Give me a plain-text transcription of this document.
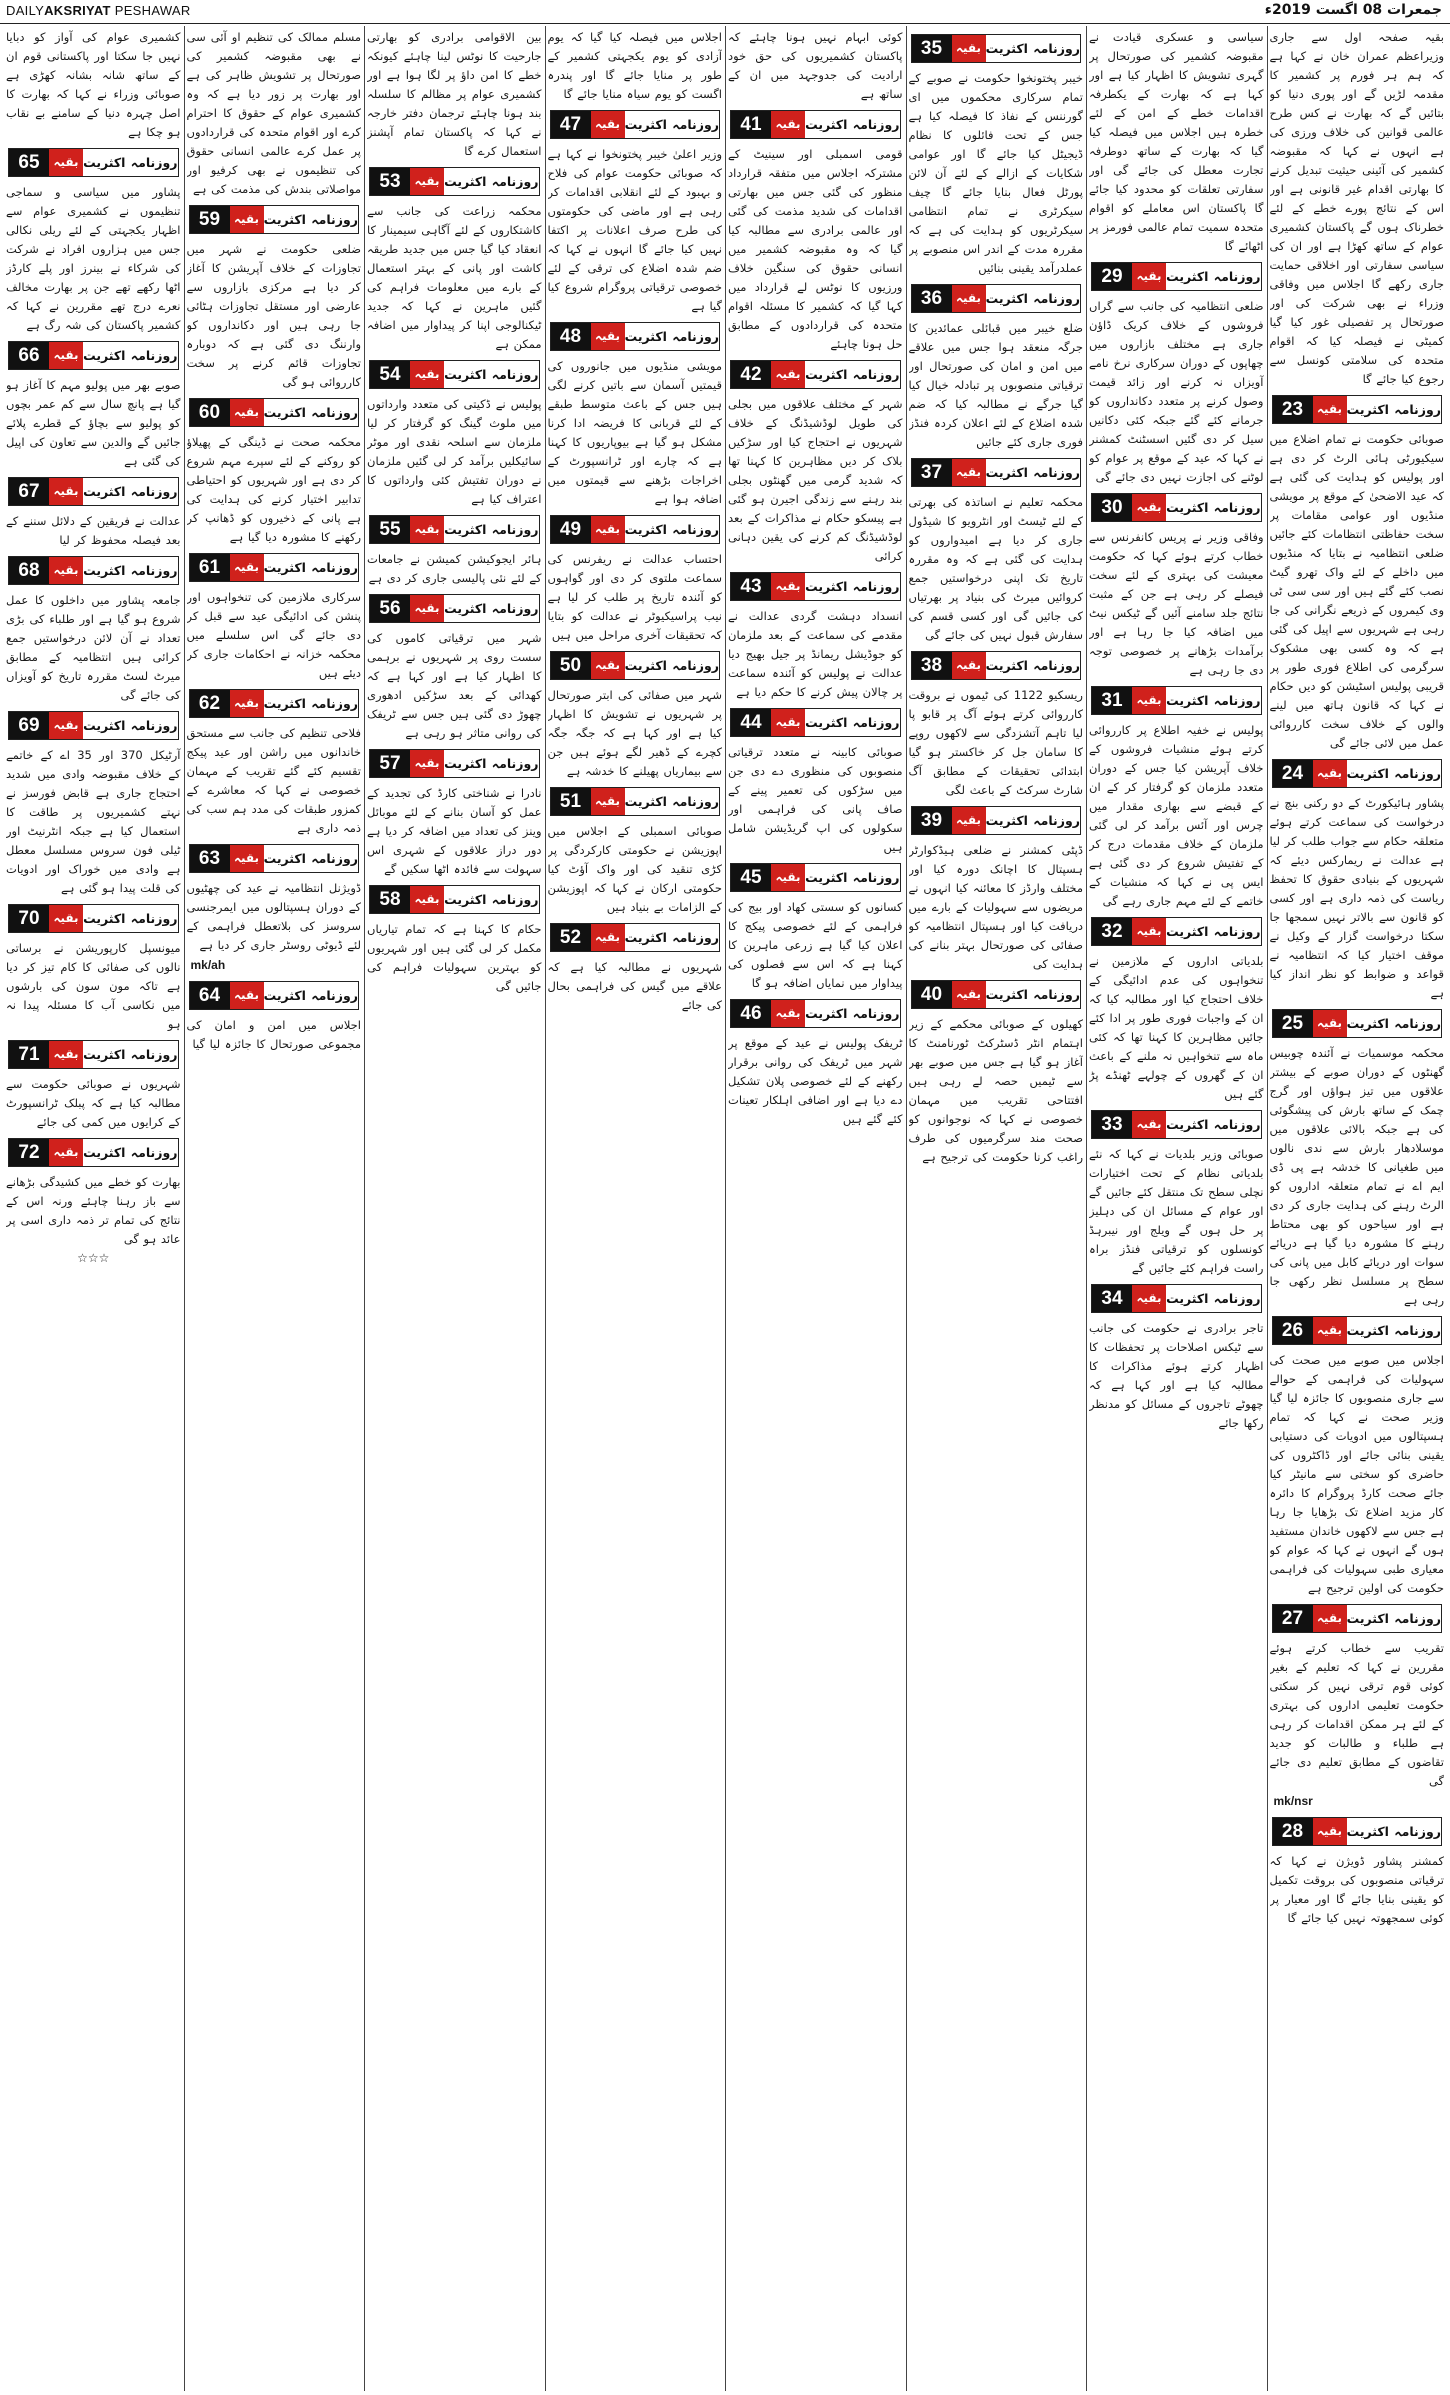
DAILYAKSRIYAT PESHAWAR	جمعرات 08 اگست 2019ء

بقیہ صفحہ اول سے جاری وزیراعظم عمران خان نے کہا ہے کہ ہم ہر فورم پر کشمیر کا مقدمہ لڑیں گے اور پوری دنیا کو بتائیں گے کہ بھارت نے کس طرح عالمی قوانین کی خلاف ورزی کی ہے انہوں نے کہا کہ مقبوضہ کشمیر کی آئینی حیثیت تبدیل کرنے کا بھارتی اقدام غیر قانونی ہے اور اس کے نتائج پورے خطے کے لئے خطرناک ہوں گے پاکستان کشمیری عوام کے ساتھ کھڑا ہے اور ان کی سیاسی سفارتی اور اخلاقی حمایت جاری رکھے گا اجلاس میں وفاقی وزراء نے بھی شرکت کی اور صورتحال پر تفصیلی غور کیا گیا کمیٹی نے فیصلہ کیا کہ اقوام متحدہ کی سلامتی کونسل سے رجوع کیا جائے گا

23	بقیہ روزنامہ اکثریت

صوبائی حکومت نے تمام اضلاع میں سیکیورٹی ہائی الرٹ کر دی ہے اور پولیس کو ہدایت کی گئی ہے کہ عید الاضحیٰ کے موقع پر مویشی منڈیوں اور عوامی مقامات پر سخت حفاظتی انتظامات کئے جائیں ضلعی انتظامیہ نے بتایا کہ منڈیوں میں داخلے کے لئے واک تھرو گیٹ نصب کئے گئے ہیں اور سی سی ٹی وی کیمروں کے ذریعے نگرانی کی جا رہی ہے شہریوں سے اپیل کی گئی ہے کہ وہ کسی بھی مشکوک سرگرمی کی اطلاع فوری طور پر قریبی پولیس اسٹیشن کو دیں حکام نے کہا کہ قانون ہاتھ میں لینے والوں کے خلاف سخت کارروائی عمل میں لائی جائے گی

24	بقیہ روزنامہ اکثریت

پشاور ہائیکورٹ کے دو رکنی بنچ نے درخواست کی سماعت کرتے ہوئے متعلقہ حکام سے جواب طلب کر لیا ہے عدالت نے ریمارکس دیئے کہ شہریوں کے بنیادی حقوق کا تحفظ ریاست کی ذمہ داری ہے اور کسی کو قانون سے بالاتر نہیں سمجھا جا سکتا درخواست گزار کے وکیل نے موقف اختیار کیا کہ انتظامیہ نے قواعد و ضوابط کو نظر انداز کیا ہے

25	بقیہ روزنامہ اکثریت

محکمہ موسمیات نے آئندہ چوبیس گھنٹوں کے دوران صوبے کے بیشتر علاقوں میں تیز ہواؤں اور گرج چمک کے ساتھ بارش کی پیشگوئی کی ہے جبکہ بالائی علاقوں میں موسلادھار بارش سے ندی نالوں میں طغیانی کا خدشہ ہے پی ڈی ایم اے نے تمام متعلقہ اداروں کو الرٹ رہنے کی ہدایت جاری کر دی ہے اور سیاحوں کو بھی محتاط رہنے کا مشورہ دیا گیا ہے دریائے سوات اور دریائے کابل میں پانی کی سطح پر مسلسل نظر رکھی جا رہی ہے

26	بقیہ روزنامہ اکثریت

اجلاس میں صوبے میں صحت کی سہولیات کی فراہمی کے حوالے سے جاری منصوبوں کا جائزہ لیا گیا وزیر صحت نے کہا کہ تمام ہسپتالوں میں ادویات کی دستیابی یقینی بنائی جائے اور ڈاکٹروں کی حاضری کو سختی سے مانیٹر کیا جائے صحت کارڈ پروگرام کا دائرہ کار مزید اضلاع تک بڑھایا جا رہا ہے جس سے لاکھوں خاندان مستفید ہوں گے انہوں نے کہا کہ عوام کو معیاری طبی سہولیات کی فراہمی حکومت کی اولین ترجیح ہے

27	بقیہ روزنامہ اکثریت

تقریب سے خطاب کرتے ہوئے مقررین نے کہا کہ تعلیم کے بغیر کوئی قوم ترقی نہیں کر سکتی حکومت تعلیمی اداروں کی بہتری کے لئے ہر ممکن اقدامات کر رہی ہے طلباء و طالبات کو جدید تقاضوں کے مطابق تعلیم دی جائے گی

mk/nsr
28	بقیہ روزنامہ اکثریت

کمشنر پشاور ڈویژن نے کہا کہ ترقیاتی منصوبوں کی بروقت تکمیل کو یقینی بنایا جائے گا اور معیار پر کوئی سمجھوتہ نہیں کیا جائے گا

سیاسی و عسکری قیادت نے مقبوضہ کشمیر کی صورتحال پر گہری تشویش کا اظہار کیا ہے اور کہا ہے کہ بھارت کے یکطرفہ اقدامات خطے کے امن کے لئے خطرہ ہیں اجلاس میں فیصلہ کیا گیا کہ بھارت کے ساتھ دوطرفہ تجارت معطل کی جائے گی اور سفارتی تعلقات کو محدود کیا جائے گا پاکستان اس معاملے کو اقوام متحدہ سمیت تمام عالمی فورمز پر اٹھائے گا

29	بقیہ روزنامہ اکثریت

ضلعی انتظامیہ کی جانب سے گراں فروشوں کے خلاف کریک ڈاؤن جاری ہے مختلف بازاروں میں چھاپوں کے دوران سرکاری نرخ نامے آویزاں نہ کرنے اور زائد قیمت وصول کرنے پر متعدد دکانداروں کو جرمانے کئے گئے جبکہ کئی دکانیں سیل کر دی گئیں اسسٹنٹ کمشنر نے کہا کہ عید کے موقع پر عوام کو لوٹنے کی اجازت نہیں دی جائے گی

30	بقیہ روزنامہ اکثریت

وفاقی وزیر نے پریس کانفرنس سے خطاب کرتے ہوئے کہا کہ حکومت معیشت کی بہتری کے لئے سخت فیصلے کر رہی ہے جن کے مثبت نتائج جلد سامنے آئیں گے ٹیکس نیٹ میں اضافہ کیا جا رہا ہے اور برآمدات بڑھانے پر خصوصی توجہ دی جا رہی ہے

31	بقیہ روزنامہ اکثریت

پولیس نے خفیہ اطلاع پر کارروائی کرتے ہوئے منشیات فروشوں کے خلاف آپریشن کیا جس کے دوران متعدد ملزمان کو گرفتار کر کے ان کے قبضے سے بھاری مقدار میں چرس اور آئس برآمد کر لی گئی ملزمان کے خلاف مقدمات درج کر کے تفتیش شروع کر دی گئی ہے ایس پی نے کہا کہ منشیات کے خاتمے کے لئے مہم جاری رہے گی

32	بقیہ روزنامہ اکثریت

بلدیاتی اداروں کے ملازمین نے تنخواہوں کی عدم ادائیگی کے خلاف احتجاج کیا اور مطالبہ کیا کہ ان کے واجبات فوری طور پر ادا کئے جائیں مظاہرین کا کہنا تھا کہ کئی ماہ سے تنخواہیں نہ ملنے کے باعث ان کے گھروں کے چولہے ٹھنڈے پڑ گئے ہیں

33	بقیہ روزنامہ اکثریت

صوبائی وزیر بلدیات نے کہا کہ نئے بلدیاتی نظام کے تحت اختیارات نچلی سطح تک منتقل کئے جائیں گے اور عوام کے مسائل ان کی دہلیز پر حل ہوں گے ویلج اور نیبرہڈ کونسلوں کو ترقیاتی فنڈز براہ راست فراہم کئے جائیں گے

34	بقیہ روزنامہ اکثریت

تاجر برادری نے حکومت کی جانب سے ٹیکس اصلاحات پر تحفظات کا اظہار کرتے ہوئے مذاکرات کا مطالبہ کیا ہے اور کہا ہے کہ چھوٹے تاجروں کے مسائل کو مدنظر رکھا جائے

35	بقیہ روزنامہ اکثریت

خیبر پختونخوا حکومت نے صوبے کے تمام سرکاری محکموں میں ای گورننس کے نفاذ کا فیصلہ کیا ہے جس کے تحت فائلوں کا نظام ڈیجیٹل کیا جائے گا اور عوامی شکایات کے ازالے کے لئے آن لائن پورٹل فعال بنایا جائے گا چیف سیکرٹری نے تمام انتظامی سیکرٹریوں کو ہدایت کی ہے کہ مقررہ مدت کے اندر اس منصوبے پر عملدرآمد یقینی بنائیں

36	بقیہ روزنامہ اکثریت

ضلع خیبر میں قبائلی عمائدین کا جرگہ منعقد ہوا جس میں علاقے میں امن و امان کی صورتحال اور ترقیاتی منصوبوں پر تبادلہ خیال کیا گیا جرگے نے مطالبہ کیا کہ ضم شدہ اضلاع کے لئے اعلان کردہ فنڈز فوری جاری کئے جائیں

37	بقیہ روزنامہ اکثریت

محکمہ تعلیم نے اساتذہ کی بھرتی کے لئے ٹیسٹ اور انٹرویو کا شیڈول جاری کر دیا ہے امیدواروں کو ہدایت کی گئی ہے کہ وہ مقررہ تاریخ تک اپنی درخواستیں جمع کروائیں میرٹ کی بنیاد پر بھرتیاں کی جائیں گی اور کسی قسم کی سفارش قبول نہیں کی جائے گی

38	بقیہ روزنامہ اکثریت

ریسکیو 1122 کی ٹیموں نے بروقت کارروائی کرتے ہوئے آگ پر قابو پا لیا تاہم آتشزدگی سے لاکھوں روپے کا سامان جل کر خاکستر ہو گیا ابتدائی تحقیقات کے مطابق آگ شارٹ سرکٹ کے باعث لگی

39	بقیہ روزنامہ اکثریت

ڈپٹی کمشنر نے ضلعی ہیڈکوارٹر ہسپتال کا اچانک دورہ کیا اور مختلف وارڈز کا معائنہ کیا انہوں نے مریضوں سے سہولیات کے بارے میں دریافت کیا اور ہسپتال انتظامیہ کو صفائی کی صورتحال بہتر بنانے کی ہدایت کی

40	بقیہ روزنامہ اکثریت

کھیلوں کے صوبائی محکمے کے زیر اہتمام انٹر ڈسٹرکٹ ٹورنامنٹ کا آغاز ہو گیا ہے جس میں صوبے بھر سے ٹیمیں حصہ لے رہی ہیں افتتاحی تقریب میں مہمان خصوصی نے کہا کہ نوجوانوں کو صحت مند سرگرمیوں کی طرف راغب کرنا حکومت کی ترجیح ہے

کوئی ابہام نہیں ہونا چاہئے کہ پاکستان کشمیریوں کی حق خود ارادیت کی جدوجہد میں ان کے ساتھ ہے

41	بقیہ روزنامہ اکثریت

قومی اسمبلی اور سینیٹ کے مشترکہ اجلاس میں متفقہ قرارداد منظور کی گئی جس میں بھارتی اقدامات کی شدید مذمت کی گئی اور عالمی برادری سے مطالبہ کیا گیا کہ وہ مقبوضہ کشمیر میں انسانی حقوق کی سنگین خلاف ورزیوں کا نوٹس لے قرارداد میں کہا گیا کہ کشمیر کا مسئلہ اقوام متحدہ کی قراردادوں کے مطابق حل ہونا چاہئے

42	بقیہ روزنامہ اکثریت

شہر کے مختلف علاقوں میں بجلی کی طویل لوڈشیڈنگ کے خلاف شہریوں نے احتجاج کیا اور سڑکیں بلاک کر دیں مظاہرین کا کہنا تھا کہ شدید گرمی میں گھنٹوں بجلی بند رہنے سے زندگی اجیرن ہو گئی ہے پیسکو حکام نے مذاکرات کے بعد لوڈشیڈنگ کم کرنے کی یقین دہانی کرائی

43	بقیہ روزنامہ اکثریت

انسداد دہشت گردی عدالت نے مقدمے کی سماعت کے بعد ملزمان کو جوڈیشل ریمانڈ پر جیل بھیج دیا عدالت نے پولیس کو آئندہ سماعت پر چالان پیش کرنے کا حکم دیا ہے

44	بقیہ روزنامہ اکثریت

صوبائی کابینہ نے متعدد ترقیاتی منصوبوں کی منظوری دے دی جن میں سڑکوں کی تعمیر پینے کے صاف پانی کی فراہمی اور سکولوں کی اپ گریڈیشن شامل ہیں

45	بقیہ روزنامہ اکثریت

کسانوں کو سستی کھاد اور بیج کی فراہمی کے لئے خصوصی پیکج کا اعلان کیا گیا ہے زرعی ماہرین کا کہنا ہے کہ اس سے فصلوں کی پیداوار میں نمایاں اضافہ ہو گا

46	بقیہ روزنامہ اکثریت

ٹریفک پولیس نے عید کے موقع پر شہر میں ٹریفک کی روانی برقرار رکھنے کے لئے خصوصی پلان تشکیل دے دیا ہے اور اضافی اہلکار تعینات کئے گئے ہیں

اجلاس میں فیصلہ کیا گیا کہ یوم آزادی کو یوم یکجہتی کشمیر کے طور پر منایا جائے گا اور پندرہ اگست کو یوم سیاہ منایا جائے گا

47	بقیہ روزنامہ اکثریت

وزیر اعلیٰ خیبر پختونخوا نے کہا ہے کہ صوبائی حکومت عوام کی فلاح و بہبود کے لئے انقلابی اقدامات کر رہی ہے اور ماضی کی حکومتوں کی طرح صرف اعلانات پر اکتفا نہیں کیا جائے گا انہوں نے کہا کہ ضم شدہ اضلاع کی ترقی کے لئے خصوصی ترقیاتی پروگرام شروع کیا گیا ہے

48	بقیہ روزنامہ اکثریت

مویشی منڈیوں میں جانوروں کی قیمتیں آسمان سے باتیں کرنے لگی ہیں جس کے باعث متوسط طبقے کے لئے قربانی کا فریضہ ادا کرنا مشکل ہو گیا ہے بیوپاریوں کا کہنا ہے کہ چارے اور ٹرانسپورٹ کے اخراجات بڑھنے سے قیمتوں میں اضافہ ہوا ہے

49	بقیہ روزنامہ اکثریت

احتساب عدالت نے ریفرنس کی سماعت ملتوی کر دی اور گواہوں کو آئندہ تاریخ پر طلب کر لیا ہے نیب پراسیکیوٹر نے عدالت کو بتایا کہ تحقیقات آخری مراحل میں ہیں

50	بقیہ روزنامہ اکثریت

شہر میں صفائی کی ابتر صورتحال پر شہریوں نے تشویش کا اظہار کیا ہے اور کہا ہے کہ جگہ جگہ کچرے کے ڈھیر لگے ہوئے ہیں جن سے بیماریاں پھیلنے کا خدشہ ہے

51	بقیہ روزنامہ اکثریت

صوبائی اسمبلی کے اجلاس میں اپوزیشن نے حکومتی کارکردگی پر کڑی تنقید کی اور واک آؤٹ کیا حکومتی ارکان نے کہا کہ اپوزیشن کے الزامات بے بنیاد ہیں

52	بقیہ روزنامہ اکثریت

شہریوں نے مطالبہ کیا ہے کہ علاقے میں گیس کی فراہمی بحال کی جائے

بین الاقوامی برادری کو بھارتی جارحیت کا نوٹس لینا چاہئے کیونکہ خطے کا امن داؤ پر لگا ہوا ہے اور کشمیری عوام پر مظالم کا سلسلہ بند ہونا چاہئے ترجمان دفتر خارجہ نے کہا کہ پاکستان تمام آپشنز استعمال کرے گا

53	بقیہ روزنامہ اکثریت

محکمہ زراعت کی جانب سے کاشتکاروں کے لئے آگاہی سیمینار کا انعقاد کیا گیا جس میں جدید طریقہ کاشت اور پانی کے بہتر استعمال کے بارے میں معلومات فراہم کی گئیں ماہرین نے کہا کہ جدید ٹیکنالوجی اپنا کر پیداوار میں اضافہ ممکن ہے

54	بقیہ روزنامہ اکثریت

پولیس نے ڈکیتی کی متعدد وارداتوں میں ملوث گینگ کو گرفتار کر لیا ملزمان سے اسلحہ نقدی اور موٹر سائیکلیں برآمد کر لی گئیں ملزمان نے دوران تفتیش کئی وارداتوں کا اعتراف کیا ہے

55	بقیہ روزنامہ اکثریت

ہائر ایجوکیشن کمیشن نے جامعات کے لئے نئی پالیسی جاری کر دی ہے

56	بقیہ روزنامہ اکثریت

شہر میں ترقیاتی کاموں کی سست روی پر شہریوں نے برہمی کا اظہار کیا ہے اور کہا ہے کہ کھدائی کے بعد سڑکیں ادھوری چھوڑ دی گئی ہیں جس سے ٹریفک کی روانی متاثر ہو رہی ہے

57	بقیہ روزنامہ اکثریت

نادرا نے شناختی کارڈ کی تجدید کے عمل کو آسان بنانے کے لئے موبائل وینز کی تعداد میں اضافہ کر دیا ہے دور دراز علاقوں کے شہری اس سہولت سے فائدہ اٹھا سکیں گے

58	بقیہ روزنامہ اکثریت

حکام کا کہنا ہے کہ تمام تیاریاں مکمل کر لی گئی ہیں اور شہریوں کو بہترین سہولیات فراہم کی جائیں گی

مسلم ممالک کی تنظیم او آئی سی نے بھی مقبوضہ کشمیر کی صورتحال پر تشویش ظاہر کی ہے اور بھارت پر زور دیا ہے کہ وہ کشمیری عوام کے حقوق کا احترام کرے اور اقوام متحدہ کی قراردادوں پر عمل کرے عالمی انسانی حقوق کی تنظیموں نے بھی کرفیو اور مواصلاتی بندش کی مذمت کی ہے

59	بقیہ روزنامہ اکثریت

ضلعی حکومت نے شہر میں تجاوزات کے خلاف آپریشن کا آغاز کر دیا ہے مرکزی بازاروں سے عارضی اور مستقل تجاوزات ہٹائی جا رہی ہیں اور دکانداروں کو وارننگ دی گئی ہے کہ دوبارہ تجاوزات قائم کرنے پر سخت کارروائی ہو گی

60	بقیہ روزنامہ اکثریت

محکمہ صحت نے ڈینگی کے پھیلاؤ کو روکنے کے لئے سپرے مہم شروع کر دی ہے اور شہریوں کو احتیاطی تدابیر اختیار کرنے کی ہدایت کی ہے پانی کے ذخیروں کو ڈھانپ کر رکھنے کا مشورہ دیا گیا ہے

61	بقیہ روزنامہ اکثریت

سرکاری ملازمین کی تنخواہوں اور پنشن کی ادائیگی عید سے قبل کر دی جائے گی اس سلسلے میں محکمہ خزانہ نے احکامات جاری کر دیئے ہیں

62	بقیہ روزنامہ اکثریت

فلاحی تنظیم کی جانب سے مستحق خاندانوں میں راشن اور عید پیکج تقسیم کئے گئے تقریب کے مہمان خصوصی نے کہا کہ معاشرے کے کمزور طبقات کی مدد ہم سب کی ذمہ داری ہے

63	بقیہ روزنامہ اکثریت

ڈویژنل انتظامیہ نے عید کی چھٹیوں کے دوران ہسپتالوں میں ایمرجنسی سروسز کی بلاتعطل فراہمی کے لئے ڈیوٹی روسٹر جاری کر دیا ہے

mk/ah
64	بقیہ روزنامہ اکثریت

اجلاس میں امن و امان کی مجموعی صورتحال کا جائزہ لیا گیا

کشمیری عوام کی آواز کو دبایا نہیں جا سکتا اور پاکستانی قوم ان کے ساتھ شانہ بشانہ کھڑی ہے صوبائی وزراء نے کہا کہ بھارت کا اصل چہرہ دنیا کے سامنے بے نقاب ہو چکا ہے

65	بقیہ روزنامہ اکثریت

پشاور میں سیاسی و سماجی تنظیموں نے کشمیری عوام سے اظہار یکجہتی کے لئے ریلی نکالی جس میں ہزاروں افراد نے شرکت کی شرکاء نے بینرز اور پلے کارڈز اٹھا رکھے تھے جن پر بھارت مخالف نعرے درج تھے مقررین نے کہا کہ کشمیر پاکستان کی شہ رگ ہے

66	بقیہ روزنامہ اکثریت

صوبے بھر میں پولیو مہم کا آغاز ہو گیا ہے پانچ سال سے کم عمر بچوں کو پولیو سے بچاؤ کے قطرے پلائے جائیں گے والدین سے تعاون کی اپیل کی گئی ہے

67	بقیہ روزنامہ اکثریت

عدالت نے فریقین کے دلائل سننے کے بعد فیصلہ محفوظ کر لیا

68	بقیہ روزنامہ اکثریت

جامعہ پشاور میں داخلوں کا عمل شروع ہو گیا ہے اور طلباء کی بڑی تعداد نے آن لائن درخواستیں جمع کرائی ہیں انتظامیہ کے مطابق میرٹ لسٹ مقررہ تاریخ کو آویزاں کی جائے گی

69	بقیہ روزنامہ اکثریت

آرٹیکل 370 اور 35 اے کے خاتمے کے خلاف مقبوضہ وادی میں شدید احتجاج جاری ہے قابض فورسز نے نہتے کشمیریوں پر طاقت کا استعمال کیا ہے جبکہ انٹرنیٹ اور ٹیلی فون سروس مسلسل معطل ہے وادی میں خوراک اور ادویات کی قلت پیدا ہو گئی ہے

70	بقیہ روزنامہ اکثریت

میونسپل کارپوریشن نے برساتی نالوں کی صفائی کا کام تیز کر دیا ہے تاکہ مون سون کی بارشوں میں نکاسی آب کا مسئلہ پیدا نہ ہو

71	بقیہ روزنامہ اکثریت

شہریوں نے صوبائی حکومت سے مطالبہ کیا ہے کہ پبلک ٹرانسپورٹ کے کرایوں میں کمی کی جائے

72	بقیہ روزنامہ اکثریت

بھارت کو خطے میں کشیدگی بڑھانے سے باز رہنا چاہئے ورنہ اس کے نتائج کی تمام تر ذمہ داری اسی پر عائد ہو گی

☆☆☆
